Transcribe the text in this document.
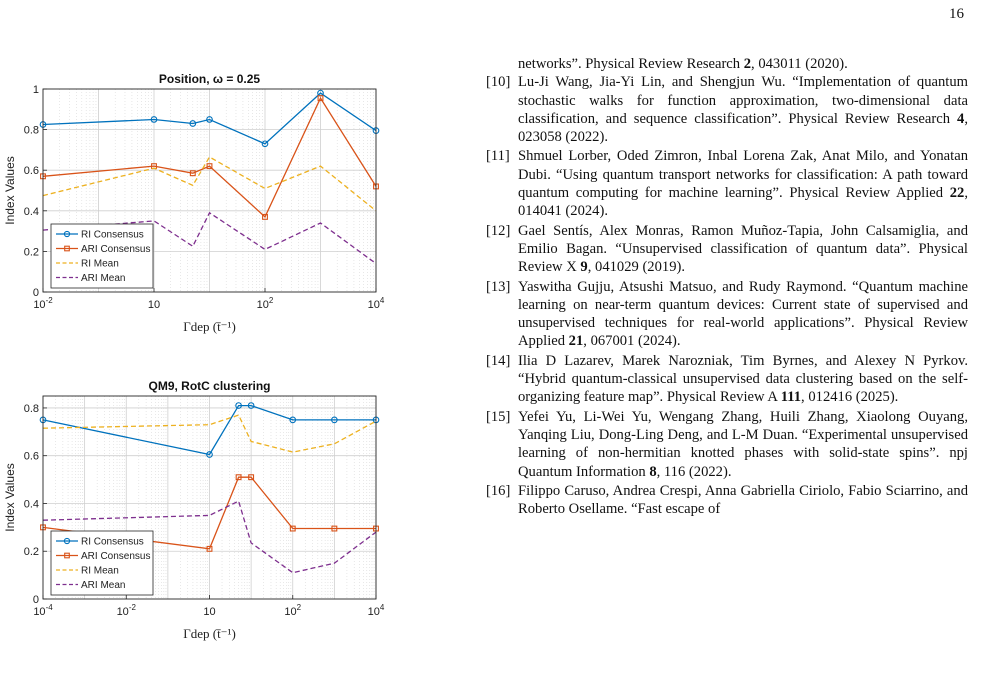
16
$10^{-2}$	10	$10^2$	$10^4$
0
0.2
0.4
0.6
0.8
1
Position, ω = 0.25
Index Values
Γdep (t̄⁻¹)
RI Consensus
ARI Consensus
RI Mean
ARI Mean
$10^{-4}$	$10^{-2}$	10	$10^2$	$10^4$
0
0.2
0.4
0.6
0.8
QM9, RotC clustering
Index Values
Γdep (t̄⁻¹)
RI Consensus
ARI Consensus
RI Mean
ARI Mean
networks”. Physical Review Research 2, 043011 (2020).
[10] Lu-Ji Wang, Jia-Yi Lin, and Shengjun Wu. “Implementation of quantum stochastic walks for function approximation, two-dimensional data classification, and sequence classification”. Physical Review Research 4, 023058 (2022).
[11] Shmuel Lorber, Oded Zimron, Inbal Lorena Zak, Anat Milo, and Yonatan Dubi. “Using quantum transport networks for classification: A path toward quantum computing for machine learning”. Physical Review Applied 22, 014041 (2024).
[12] Gael Sentís, Alex Monras, Ramon Muñoz-Tapia, John Calsamiglia, and Emilio Bagan. “Unsupervised classification of quantum data”. Physical Review X 9, 041029 (2019).
[13] Yaswitha Gujju, Atsushi Matsuo, and Rudy Raymond. “Quantum machine learning on near-term quantum devices: Current state of supervised and unsupervised techniques for real-world applications”. Physical Review Applied 21, 067001 (2024).
[14] Ilia D Lazarev, Marek Narozniak, Tim Byrnes, and Alexey N Pyrkov. “Hybrid quantum-classical unsupervised data clustering based on the self-organizing feature map”. Physical Review A 111, 012416 (2025).
[15] Yefei Yu, Li-Wei Yu, Wengang Zhang, Huili Zhang, Xiaolong Ouyang, Yanqing Liu, Dong-Ling Deng, and L-M Duan. “Experimental unsupervised learning of non-hermitian knotted phases with solid-state spins”. npj Quantum Information 8, 116 (2022).
[16] Filippo Caruso, Andrea Crespi, Anna Gabriella Ciriolo, Fabio Sciarrino, and Roberto Osellame. “Fast escape of
